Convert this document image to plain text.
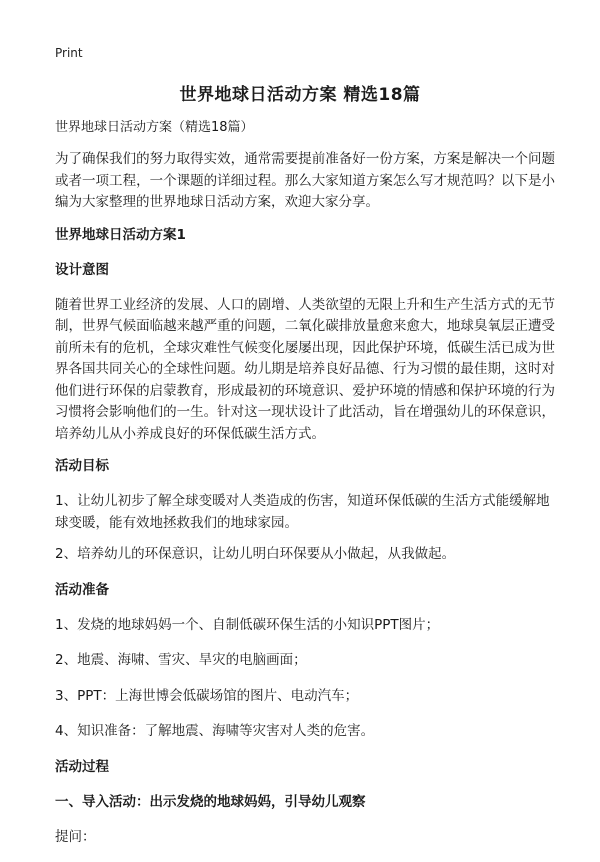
Print
世界地球日活动方案 精选18篇
世界地球日活动方案（精选18篇）

为了确保我们的努力取得实效，通常需要提前准备好一份方案，方案是解决一个问题或者一项工程，一个课题的详细过程。那么大家知道方案怎么写才规范吗？以下是小编为大家整理的世界地球日活动方案，欢迎大家分享。

世界地球日活动方案1
设计意图

随着世界工业经济的发展、人口的剧增、人类欲望的无限上升和生产生活方式的无节制，世界气候面临越来越严重的问题，二氧化碳排放量愈来愈大，地球臭氧层正遭受前所未有的危机，全球灾难性气候变化屡屡出现，因此保护环境，低碳生活已成为世界各国共同关心的全球性问题。幼儿期是培养良好品德、行为习惯的最佳期，这时对他们进行环保的启蒙教育，形成最初的环境意识、爱护环境的情感和保护环境的行为习惯将会影响他们的一生。针对这一现状设计了此活动，旨在增强幼儿的环保意识，培养幼儿从小养成良好的环保低碳生活方式。

活动目标

1、让幼儿初步了解全球变暖对人类造成的伤害，知道环保低碳的生活方式能缓解地球变暖，能有效地拯救我们的地球家园。

2、培养幼儿的环保意识，让幼儿明白环保要从小做起，从我做起。

活动准备

1、发烧的地球妈妈一个、自制低碳环保生活的小知识PPT图片；

2、地震、海啸、雪灾、旱灾的电脑画面；

3、PPT：上海世博会低碳场馆的图片、电动汽车；

4、知识准备：了解地震、海啸等灾害对人类的危害。

活动过程
一、导入活动：出示发烧的地球妈妈，引导幼儿观察

提问：
